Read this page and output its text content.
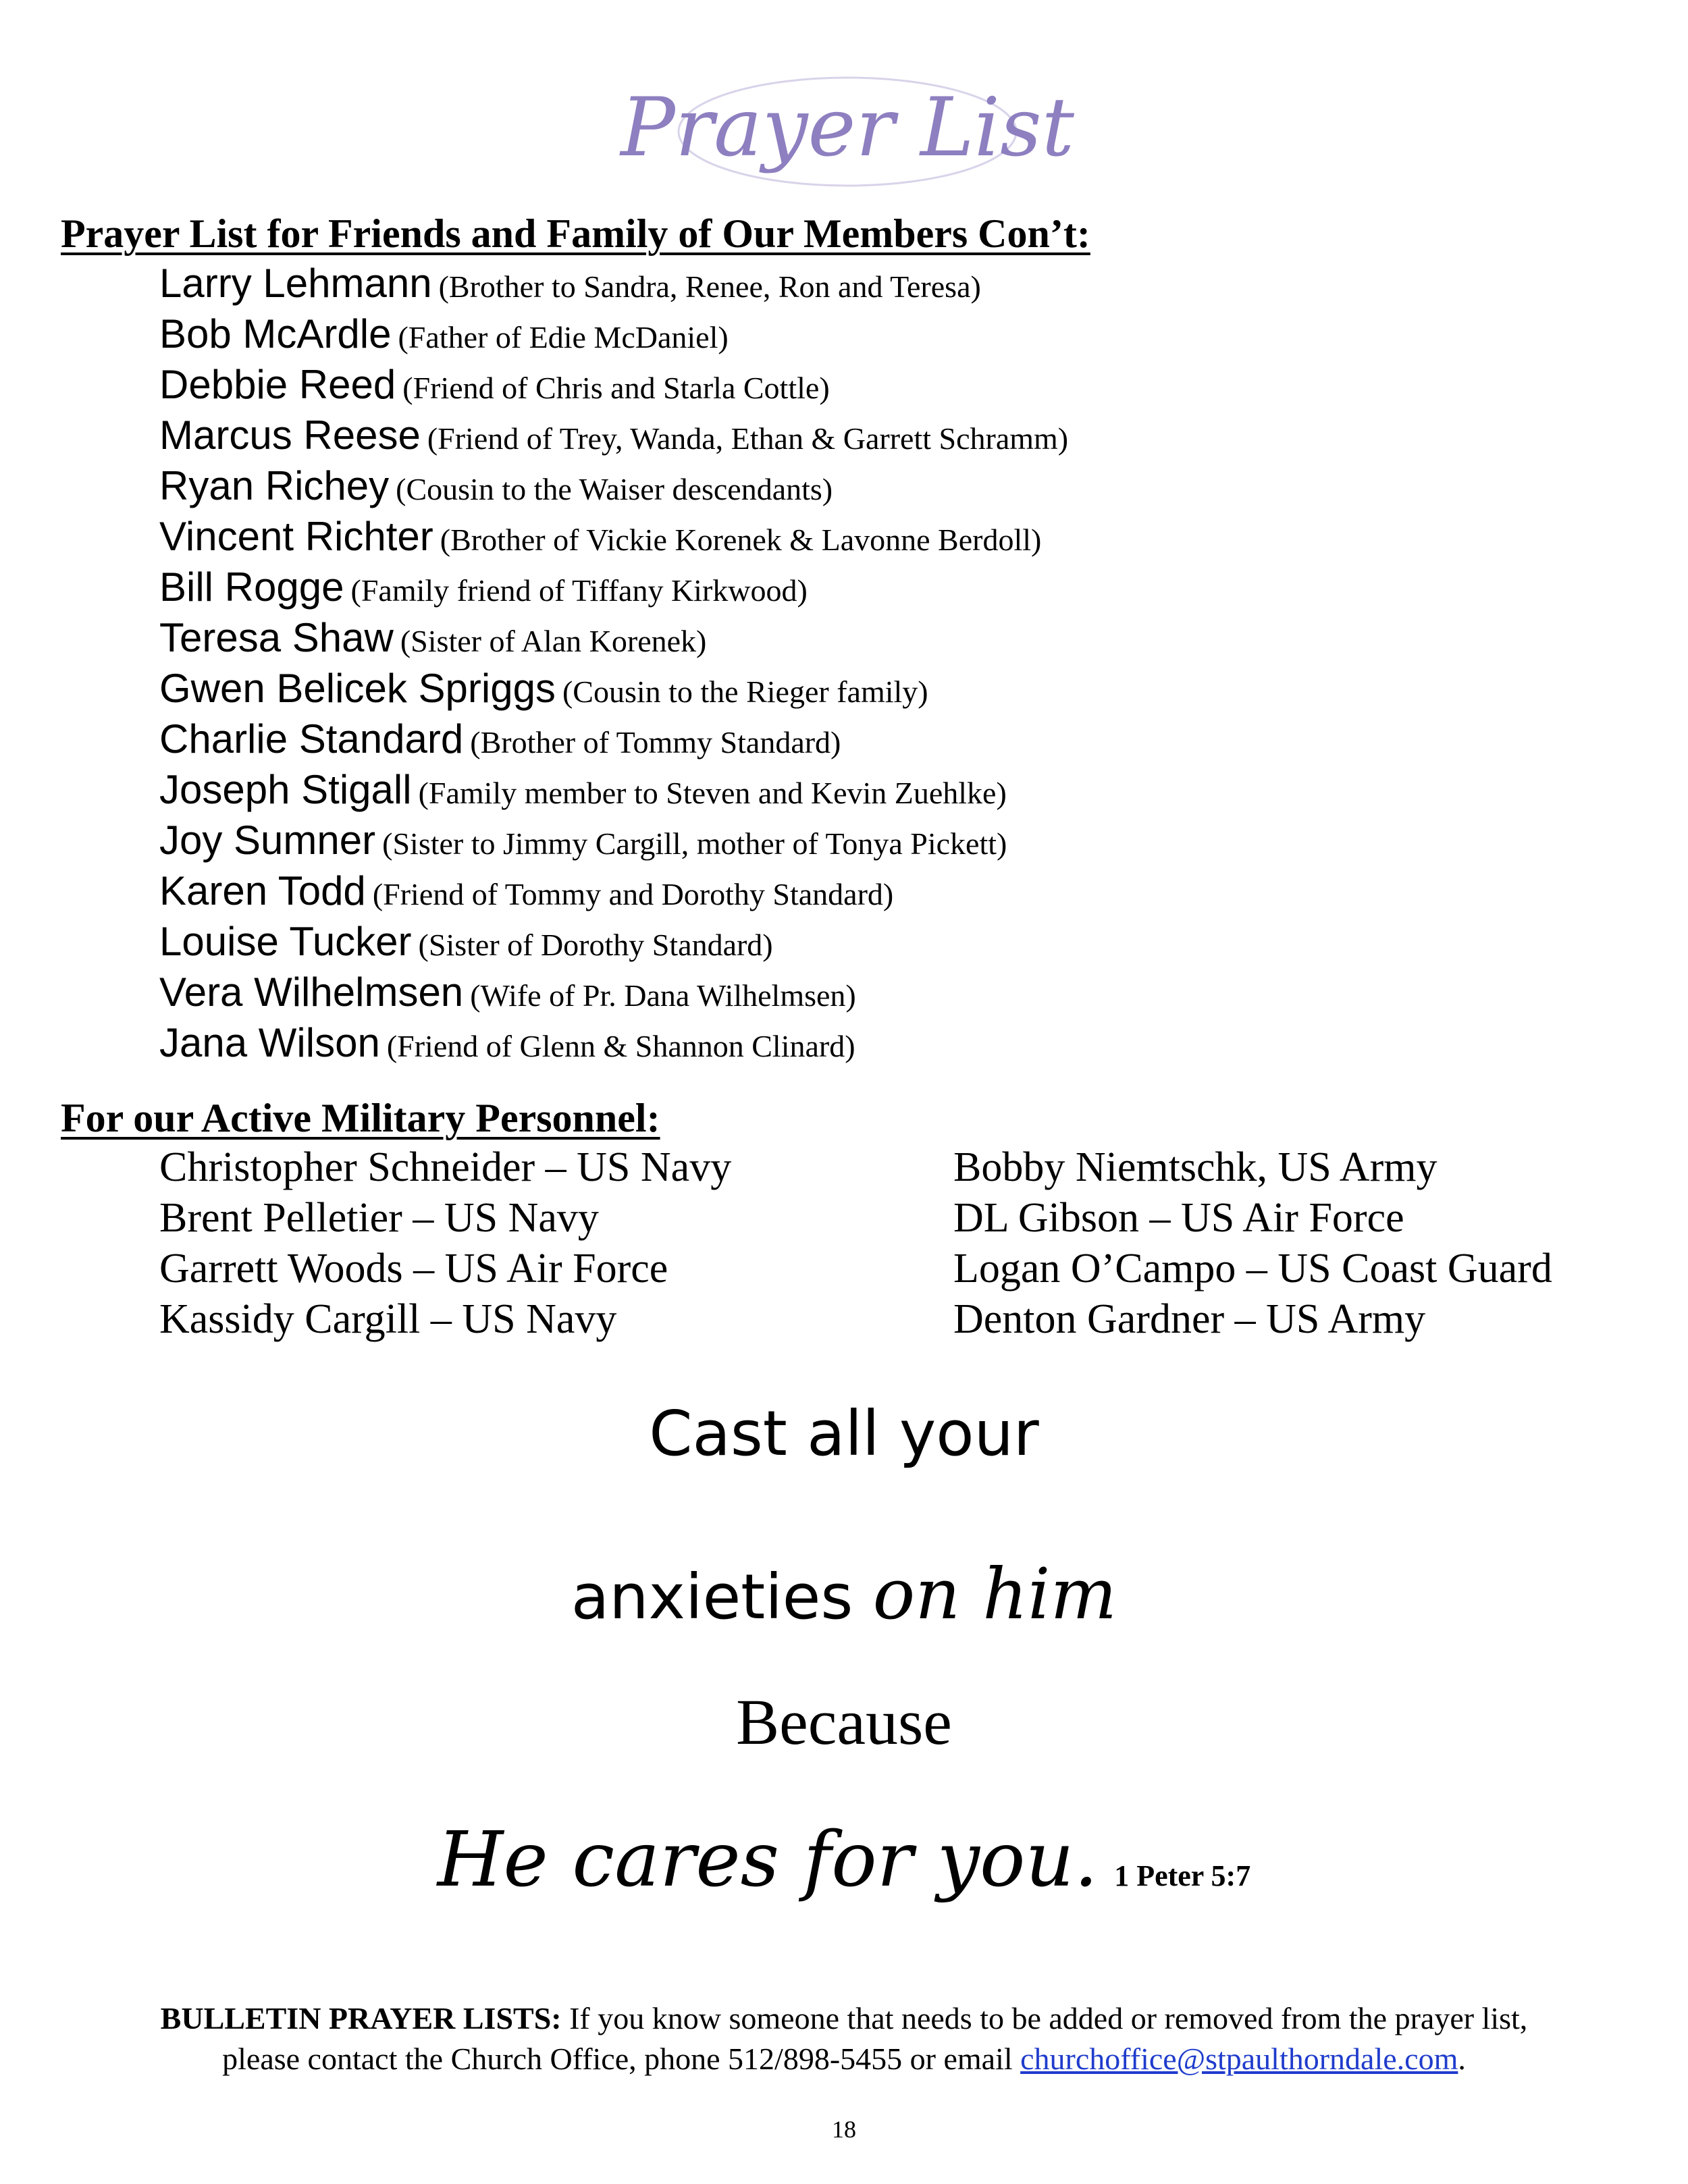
Prayer List
Prayer List for Friends and Family of Our Members Con’t:
Larry Lehmann (Brother to Sandra, Renee, Ron and Teresa)
Bob McArdle (Father of Edie McDaniel)
Debbie Reed (Friend of Chris and Starla Cottle)
Marcus Reese (Friend of Trey, Wanda, Ethan & Garrett Schramm)
Ryan Richey (Cousin to the Waiser descendants)
Vincent Richter (Brother of Vickie Korenek & Lavonne Berdoll)
Bill Rogge (Family friend of Tiffany Kirkwood)
Teresa Shaw (Sister of Alan Korenek)
Gwen Belicek Spriggs (Cousin to the Rieger family)
Charlie Standard (Brother of Tommy Standard)
Joseph Stigall (Family member to Steven and Kevin Zuehlke)
Joy Sumner (Sister to Jimmy Cargill, mother of Tonya Pickett)
Karen Todd (Friend of Tommy and Dorothy Standard)
Louise Tucker (Sister of Dorothy Standard)
Vera Wilhelmsen (Wife of Pr. Dana Wilhelmsen)
Jana Wilson (Friend of Glenn & Shannon Clinard)
For our Active Military Personnel:
Christopher Schneider – US Navy
Brent Pelletier – US Navy
Garrett Woods – US Air Force
Kassidy Cargill – US Navy
Bobby Niemtschk, US Army
DL Gibson – US Air Force
Logan O’Campo – US Coast Guard
Denton Gardner – US Army
Cast all your
anxieties on him
Because
He cares for you. 1 Peter 5:7
BULLETIN PRAYER LISTS: If you know someone that needs to be added or removed from the prayer list,
please contact the Church Office, phone 512/898-5455 or email churchoffice@stpaulthorndale.com.
18
